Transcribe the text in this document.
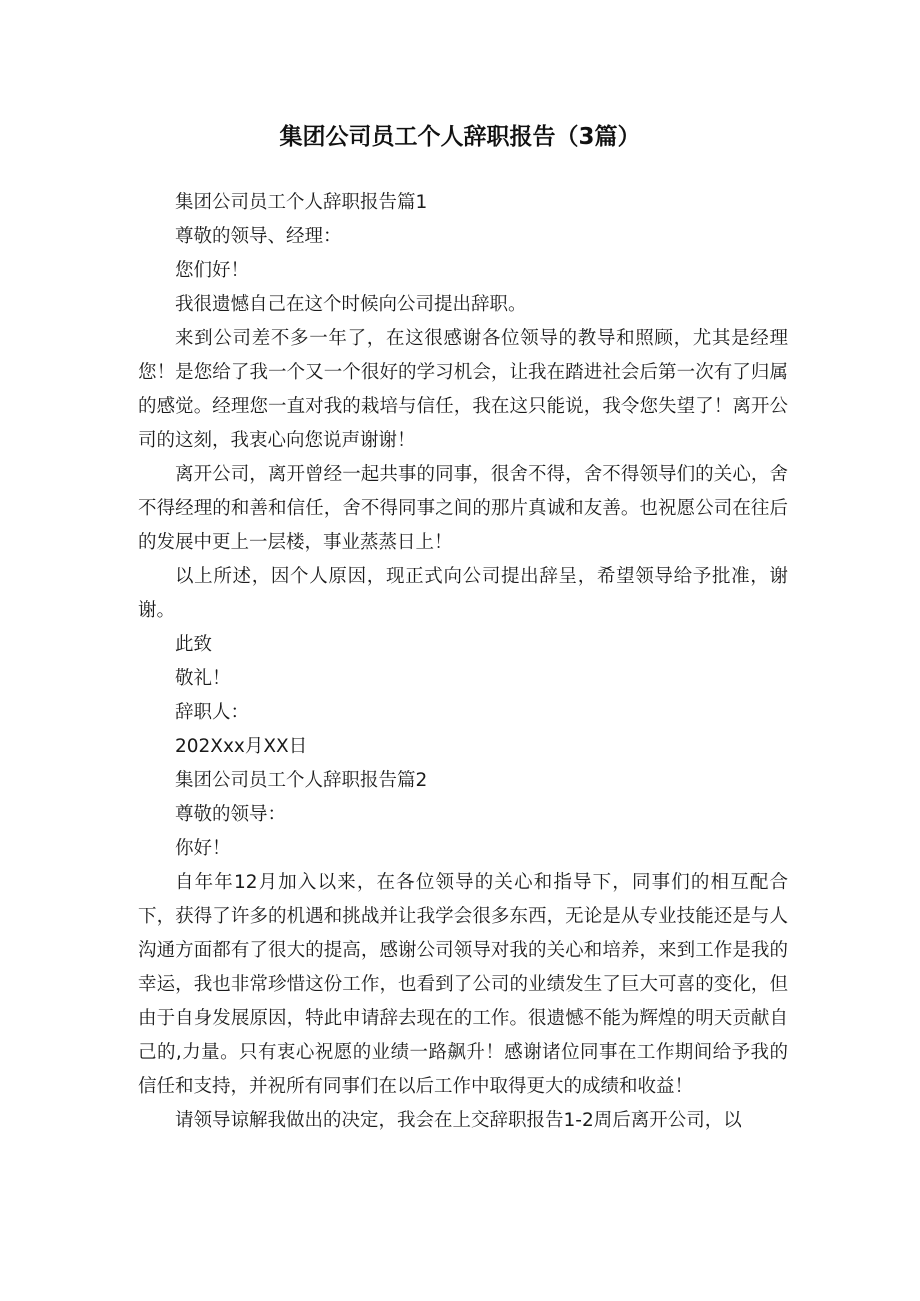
集团公司员工个人辞职报告（3篇）

集团公司员工个人辞职报告篇1

尊敬的领导、经理：

您们好！

我很遗憾自己在这个时候向公司提出辞职。

来到公司差不多一年了，在这很感谢各位领导的教导和照顾，尤其是经理您！是您给了我一个又一个很好的学习机会，让我在踏进社会后第一次有了归属的感觉。经理您一直对我的栽培与信任，我在这只能说，我令您失望了！离开公司的这刻，我衷心向您说声谢谢！

离开公司，离开曾经一起共事的同事，很舍不得，舍不得领导们的关心，舍不得经理的和善和信任，舍不得同事之间的那片真诚和友善。也祝愿公司在往后的发展中更上一层楼，事业蒸蒸日上！

以上所述，因个人原因，现正式向公司提出辞呈，希望领导给予批准，谢谢。

此致

敬礼！

辞职人：

202Xxx月XX日

集团公司员工个人辞职报告篇2

尊敬的领导：

你好！

自年年12月加入以来，在各位领导的关心和指导下，同事们的相互配合下，获得了许多的机遇和挑战并让我学会很多东西，无论是从专业技能还是与人沟通方面都有了很大的提高，感谢公司领导对我的关心和培养，来到工作是我的幸运，我也非常珍惜这份工作，也看到了公司的业绩发生了巨大可喜的变化，但由于自身发展原因，特此申请辞去现在的工作。很遗憾不能为辉煌的明天贡献自己的,力量。只有衷心祝愿的业绩一路飙升！感谢诸位同事在工作期间给予我的信任和支持，并祝所有同事们在以后工作中取得更大的成绩和收益！

请领导谅解我做出的决定，我会在上交辞职报告1-2周后离开公司，以
